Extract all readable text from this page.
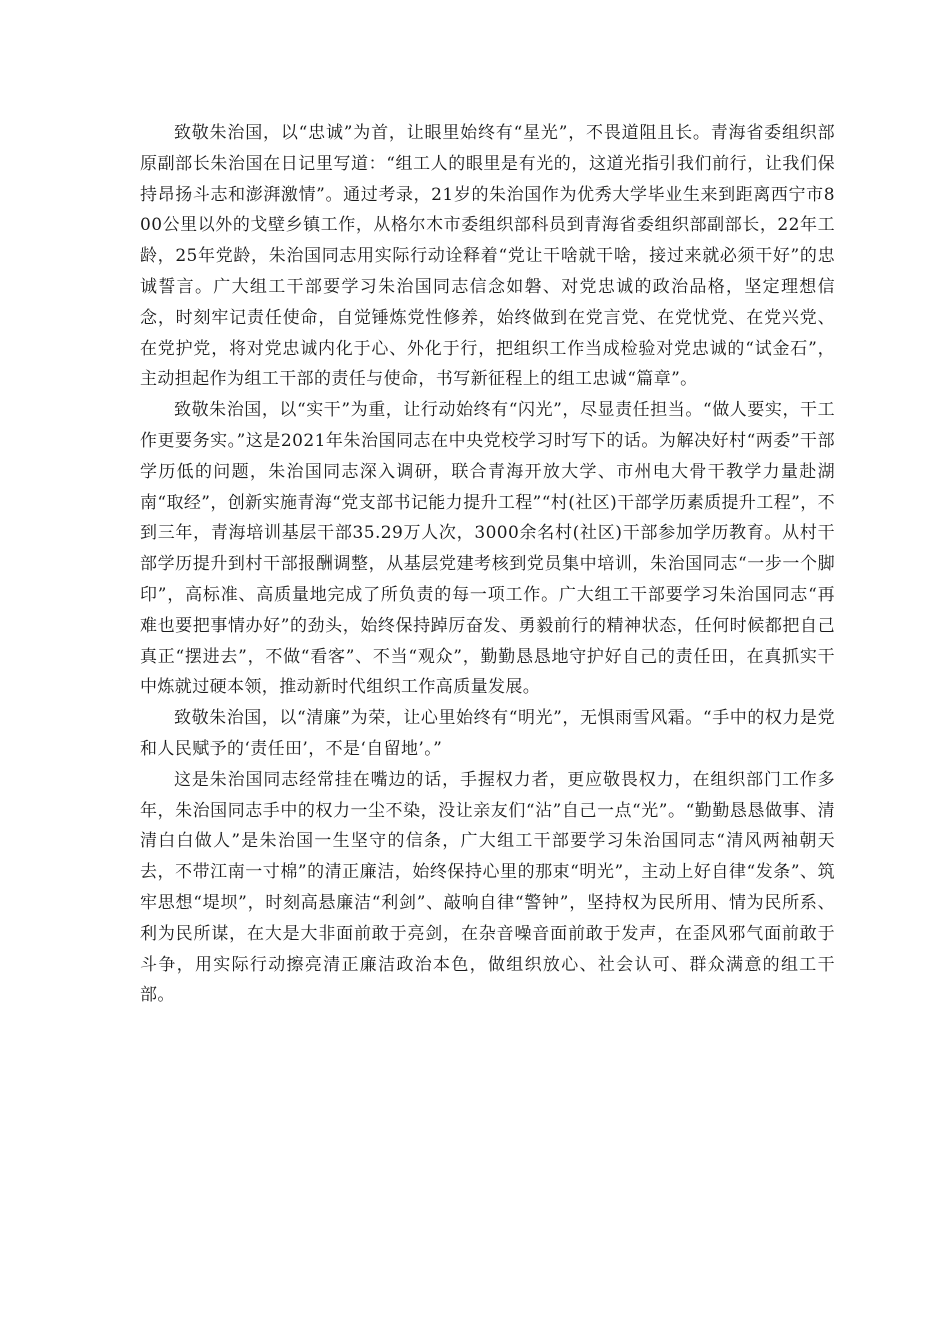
致敬朱治国，以“忠诚”为首，让眼里始终有“星光”，不畏道阻且长。青海省委组织部原副部长朱治国在日记里写道：“组工人的眼里是有光的，这道光指引我们前行，让我们保持昂扬斗志和澎湃激情”。通过考录，21岁的朱治国作为优秀大学毕业生来到距离西宁市800公里以外的戈壁乡镇工作，从格尔木市委组织部科员到青海省委组织部副部长，22年工龄，25年党龄，朱治国同志用实际行动诠释着“党让干啥就干啥，接过来就必须干好”的忠诚誓言。广大组工干部要学习朱治国同志信念如磐、对党忠诚的政治品格，坚定理想信念，时刻牢记责任使命，自觉锤炼党性修养，始终做到在党言党、在党忧党、在党兴党、在党护党，将对党忠诚内化于心、外化于行，把组织工作当成检验对党忠诚的“试金石”，主动担起作为组工干部的责任与使命，书写新征程上的组工忠诚“篇章”。

致敬朱治国，以“实干”为重，让行动始终有“闪光”，尽显责任担当。“做人要实，干工作更要务实。”这是2021年朱治国同志在中央党校学习时写下的话。为解决好村“两委”干部学历低的问题，朱治国同志深入调研，联合青海开放大学、市州电大骨干教学力量赴湖南“取经”，创新实施青海“党支部书记能力提升工程”“村(社区)干部学历素质提升工程”，不到三年，青海培训基层干部35.29万人次，3000余名村(社区)干部参加学历教育。从村干部学历提升到村干部报酬调整，从基层党建考核到党员集中培训，朱治国同志“一步一个脚印”，高标准、高质量地完成了所负责的每一项工作。广大组工干部要学习朱治国同志“再难也要把事情办好”的劲头，始终保持踔厉奋发、勇毅前行的精神状态，任何时候都把自己真正“摆进去”，不做“看客”、不当“观众”，勤勤恳恳地守护好自己的责任田，在真抓实干中炼就过硬本领，推动新时代组织工作高质量发展。

致敬朱治国，以“清廉”为荣，让心里始终有“明光”，无惧雨雪风霜。“手中的权力是党和人民赋予的‘责任田’，不是‘自留地’。”

这是朱治国同志经常挂在嘴边的话，手握权力者，更应敬畏权力，在组织部门工作多年，朱治国同志手中的权力一尘不染，没让亲友们“沾”自己一点“光”。“勤勤恳恳做事、清清白白做人”是朱治国一生坚守的信条，广大组工干部要学习朱治国同志“清风两袖朝天去，不带江南一寸棉”的清正廉洁，始终保持心里的那束“明光”，主动上好自律“发条”、筑牢思想“堤坝”，时刻高悬廉洁“利剑”、敲响自律“警钟”，坚持权为民所用、情为民所系、利为民所谋，在大是大非面前敢于亮剑，在杂音噪音面前敢于发声，在歪风邪气面前敢于斗争，用实际行动擦亮清正廉洁政治本色，做组织放心、社会认可、群众满意的组工干部。
